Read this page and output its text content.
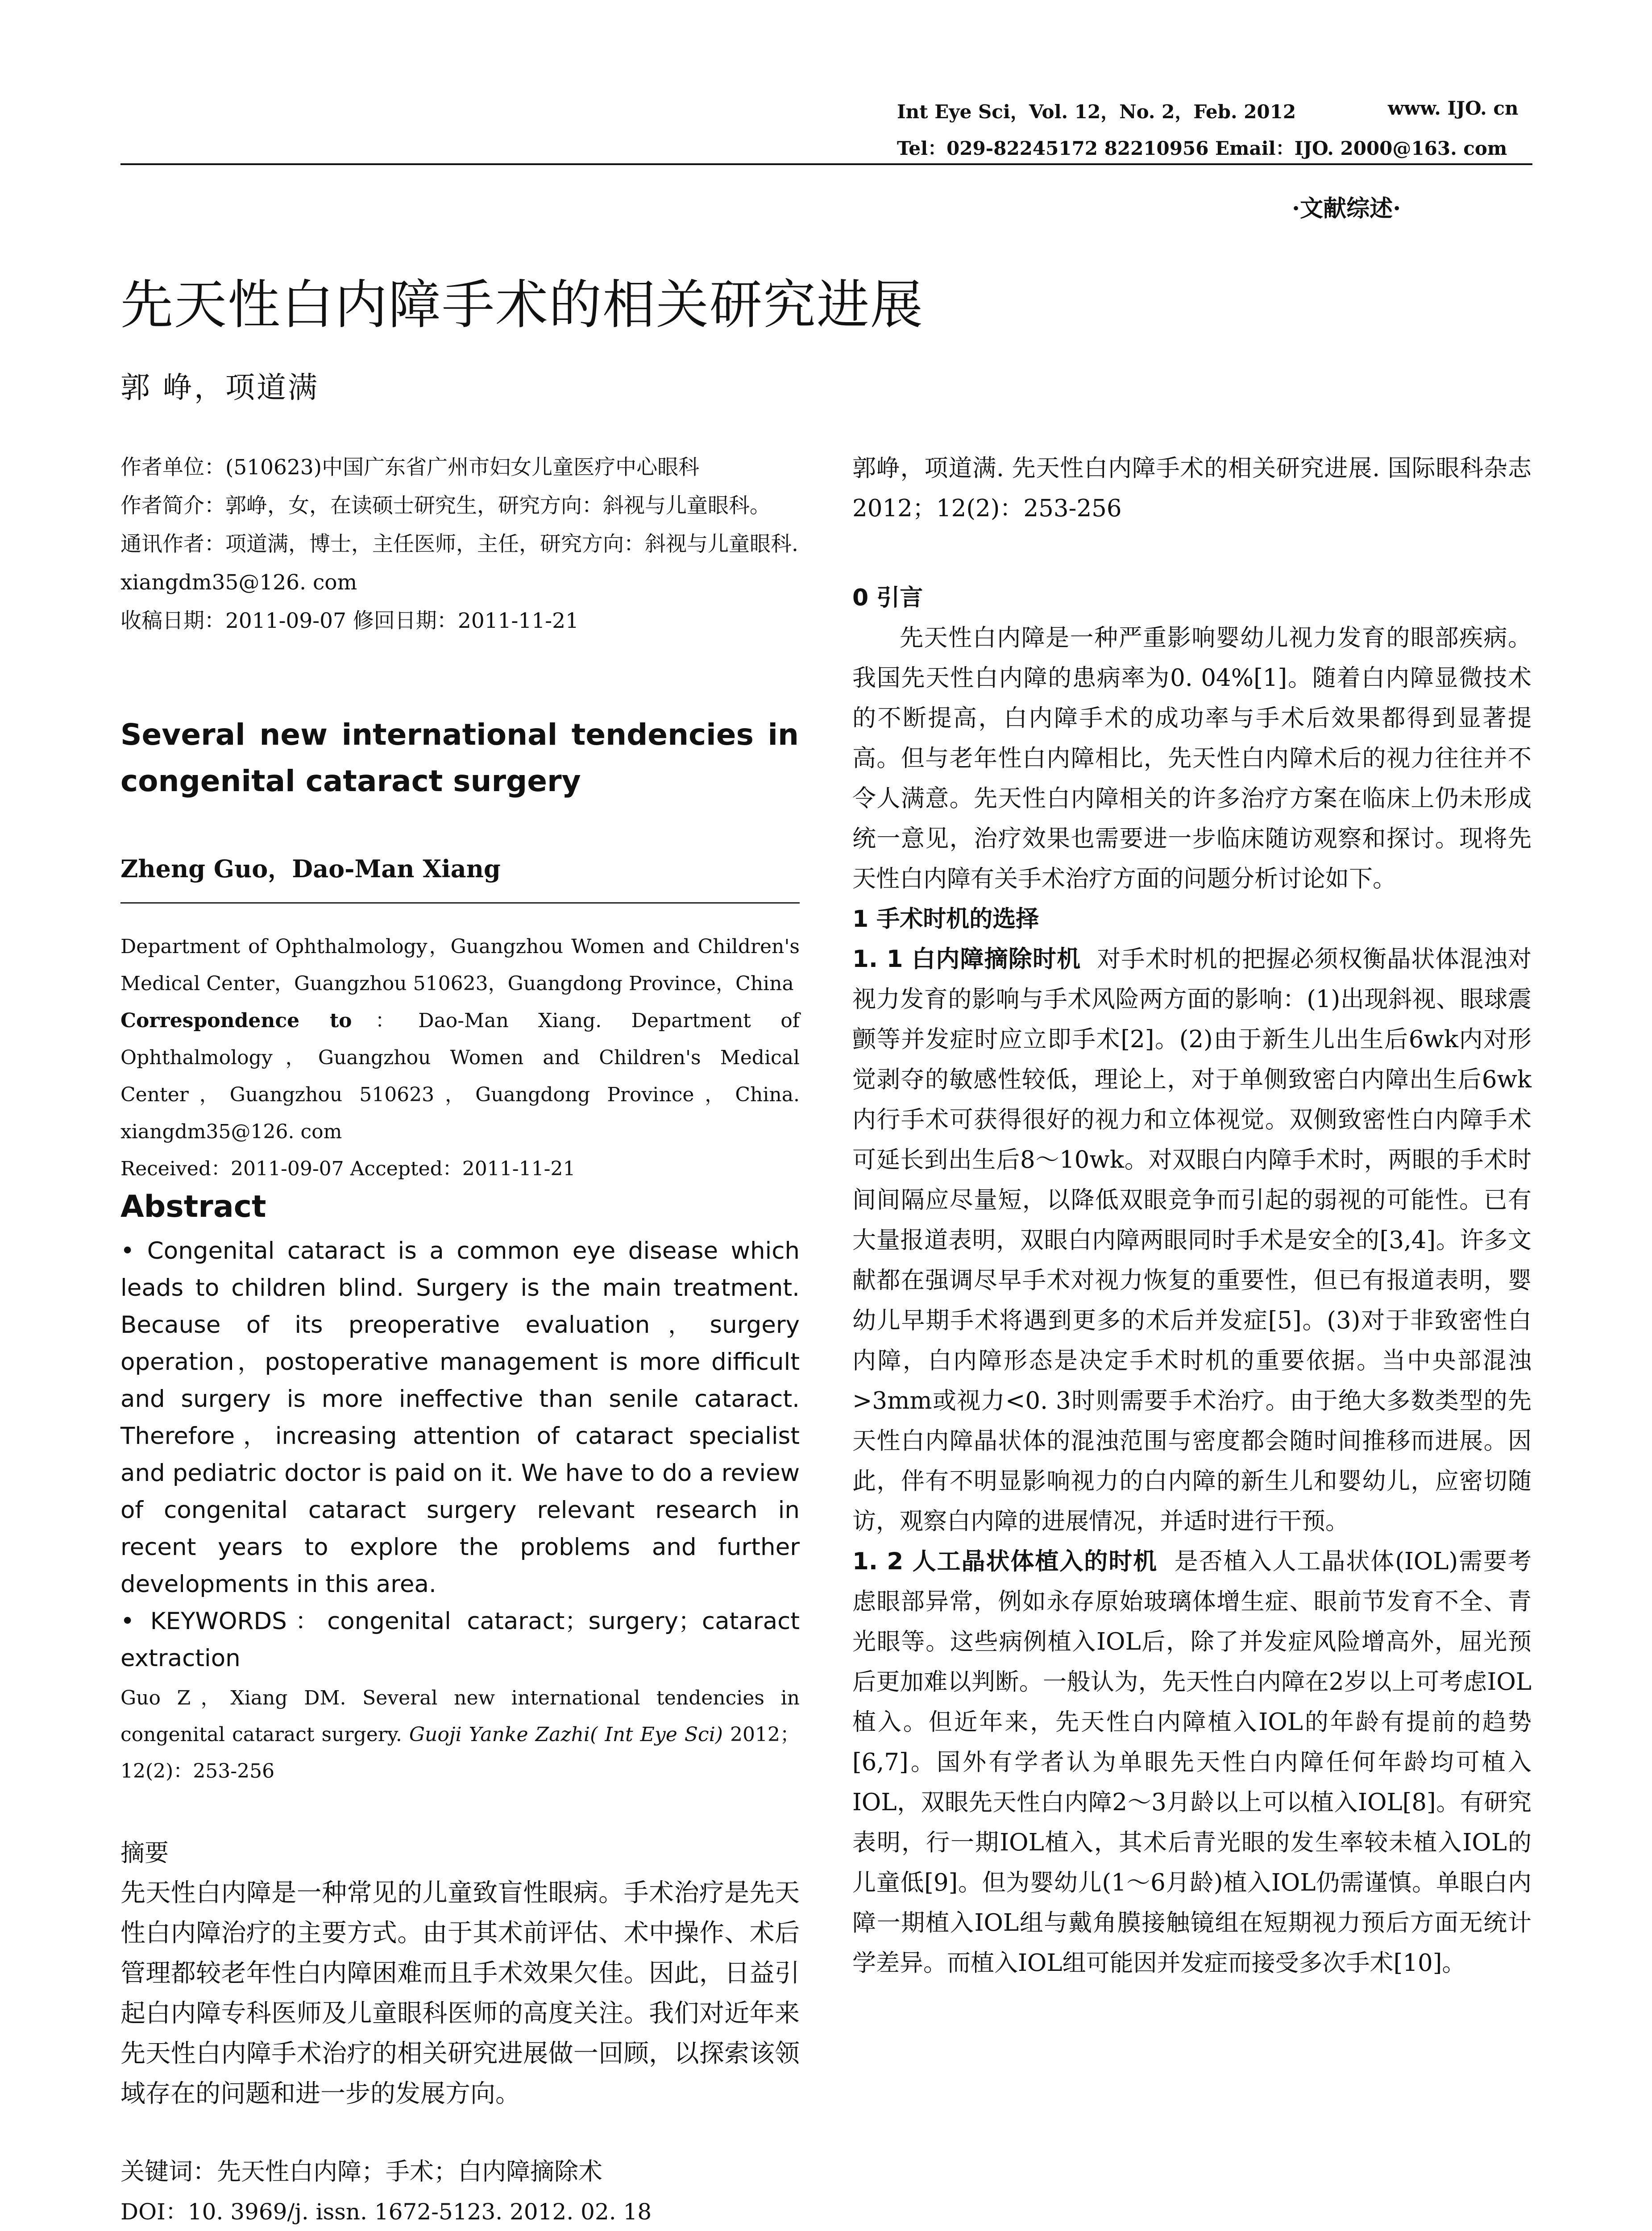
Int Eye Sci，Vol. 12，No. 2，Feb. 2012	www. IJO. cn
Tel：029-82245172 82210956 Email：IJO. 2000@163. com
·文献综述·
先天性白内障手术的相关研究进展
郭 峥，项道满

作者单位：(510623)中国广东省广州市妇女儿童医疗中心眼科

作者简介：郭峥，女，在读硕士研究生，研究方向：斜视与儿童眼科。

通讯作者：项道满，博士，主任医师，主任，研究方向：斜视与儿童眼科. xiangdm35@126. com

收稿日期：2011-09-07 修回日期：2011-11-21

Several new international tendencies in congenital cataract surgery
Zheng Guo，Dao-Man Xiang

Department of Ophthalmology，Guangzhou Women and Children's Medical Center，Guangzhou 510623，Guangdong Province，China

Correspondence to：Dao-Man Xiang. Department of Ophthalmology，Guangzhou Women and Children's Medical Center，Guangzhou 510623，Guangdong Province，China. xiangdm35@126. com

Received：2011-09-07 Accepted：2011-11-21

Abstract

• Congenital cataract is a common eye disease which leads to children blind. Surgery is the main treatment. Because of its preoperative evaluation，surgery operation，postoperative management is more difficult and surgery is more ineffective than senile cataract. Therefore，increasing attention of cataract specialist and pediatric doctor is paid on it. We have to do a review of congenital cataract surgery relevant research in recent years to explore the problems and further developments in this area.

• KEYWORDS：congenital cataract；surgery；cataract extraction

Guo Z，Xiang DM. Several new international tendencies in congenital cataract surgery. Guoji Yanke Zazhi( Int Eye Sci) 2012；12(2)：253-256

摘要

先天性白内障是一种常见的儿童致盲性眼病。手术治疗是先天性白内障治疗的主要方式。由于其术前评估、术中操作、术后管理都较老年性白内障困难而且手术效果欠佳。因此，日益引起白内障专科医师及儿童眼科医师的高度关注。我们对近年来先天性白内障手术治疗的相关研究进展做一回顾，以探索该领域存在的问题和进一步的发展方向。

关键词：先天性白内障；手术；白内障摘除术
DOI：10. 3969/j. issn. 1672-5123. 2012. 02. 18

郭峥，项道满. 先天性白内障手术的相关研究进展. 国际眼科杂志 2012；12(2)：253-256

0 引言

先天性白内障是一种严重影响婴幼儿视力发育的眼部疾病。我国先天性白内障的患病率为0. 04%[1]。随着白内障显微技术的不断提高，白内障手术的成功率与手术后效果都得到显著提高。但与老年性白内障相比，先天性白内障术后的视力往往并不令人满意。先天性白内障相关的许多治疗方案在临床上仍未形成统一意见，治疗效果也需要进一步临床随访观察和探讨。现将先天性白内障有关手术治疗方面的问题分析讨论如下。

1 手术时机的选择

1. 1 白内障摘除时机 对手术时机的把握必须权衡晶状体混浊对视力发育的影响与手术风险两方面的影响：(1)出现斜视、眼球震颤等并发症时应立即手术[2]。(2)由于新生儿出生后6wk内对形觉剥夺的敏感性较低，理论上，对于单侧致密白内障出生后6wk内行手术可获得很好的视力和立体视觉。双侧致密性白内障手术可延长到出生后8～10wk。对双眼白内障手术时，两眼的手术时间间隔应尽量短，以降低双眼竞争而引起的弱视的可能性。已有大量报道表明，双眼白内障两眼同时手术是安全的[3,4]。许多文献都在强调尽早手术对视力恢复的重要性，但已有报道表明，婴幼儿早期手术将遇到更多的术后并发症[5]。(3)对于非致密性白内障，白内障形态是决定手术时机的重要依据。当中央部混浊>3mm或视力<0. 3时则需要手术治疗。由于绝大多数类型的先天性白内障晶状体的混浊范围与密度都会随时间推移而进展。因此，伴有不明显影响视力的白内障的新生儿和婴幼儿，应密切随访，观察白内障的进展情况，并适时进行干预。

1. 2 人工晶状体植入的时机 是否植入人工晶状体(IOL)需要考虑眼部异常，例如永存原始玻璃体增生症、眼前节发育不全、青光眼等。这些病例植入IOL后，除了并发症风险增高外，屈光预后更加难以判断。一般认为，先天性白内障在2岁以上可考虑IOL植入。但近年来，先天性白内障植入IOL的年龄有提前的趋势[6,7]。国外有学者认为单眼先天性白内障任何年龄均可植入IOL，双眼先天性白内障2～3月龄以上可以植入IOL[8]。有研究表明，行一期IOL植入，其术后青光眼的发生率较未植入IOL的儿童低[9]。但为婴幼儿(1～6月龄)植入IOL仍需谨慎。单眼白内障一期植入IOL组与戴角膜接触镜组在短期视力预后方面无统计学差异。而植入IOL组可能因并发症而接受多次手术[10]。
